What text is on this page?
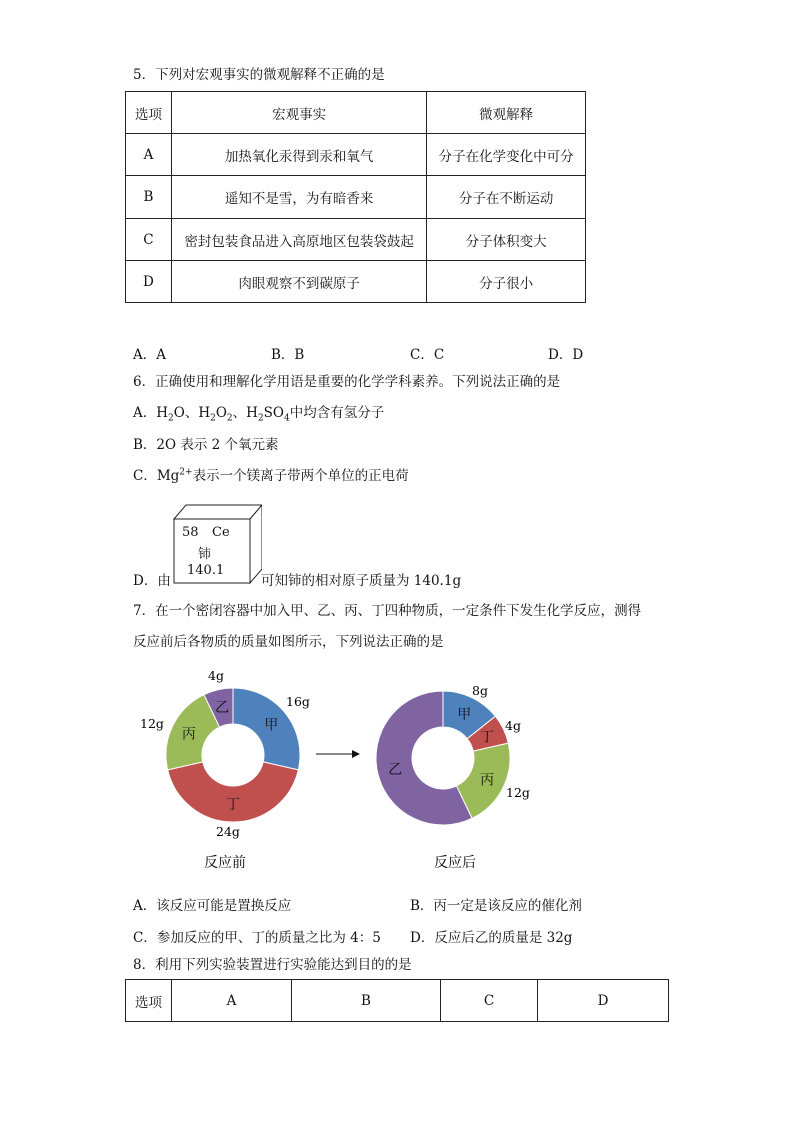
5．下列对宏观事实的微观解释不正确的是
选项	宏观事实	微观解释
A	加热氧化汞得到汞和氧气	分子在化学变化中可分
B	遥知不是雪，为有暗香来	分子在不断运动
C	密封包装食品进入高原地区包装袋鼓起	分子体积变大
D	肉眼观察不到碳原子	分子很小
A．A	B．B	C．C	D．D
6．正确使用和理解化学用语是重要的化学学科素养。下列说法正确的是
A．$H_2O$、$H_2O_2$、$H_2SO_4$中均含有氢分子
B．2O 表示 2 个氧元素
C．$Mg^{2+}$表示一个镁离子带两个单位的正电荷
D．由
58 Ce
铈
140.1
可知铈的相对原子质量为 140.1g
7．在一个密闭容器中加入甲、乙、丙、丁四种物质，一定条件下发生化学反应，测得
反应前后各物质的质量如图所示，下列说法正确的是
甲
丁
丙
乙	甲
丁
丙
乙
4g
16g
12g
24g
8g
4g
12g
反应前	反应后
A．该反应可能是置换反应	B．丙一定是该反应的催化剂
C．参加反应的甲、丁的质量之比为 4：5 D．反应后乙的质量是 32g
8．利用下列实验装置进行实验能达到目的的是
选项	A	B	C	D
